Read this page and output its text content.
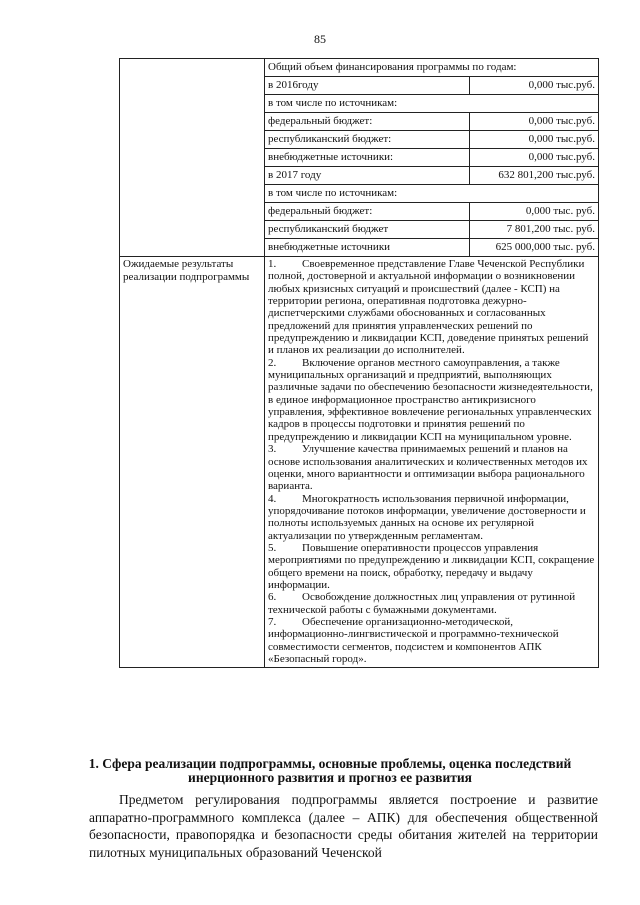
85

Общий объем финансирования программы по годам:
в 2016году	0,000 тыс.руб.
в том числе по источникам:
федеральный бюджет:	0,000 тыс.руб.
республиканский бюджет:	0,000 тыс.руб.
внебюджетные источники:	0,000 тыс.руб.
в 2017 году	632 801,200 тыс.руб.
в том числе по источникам:
федеральный бюджет:	0,000 тыс. руб.
республиканский бюджет	7 801,200 тыс. руб.
внебюджетные источники	625 000,000 тыс. руб.

Ожидаемые результаты реализации подпрограммы

1. Своевременное представление Главе Чеченской Республики полной, достоверной и актуальной информации о возникновении любых кризисных ситуаций и происшествий (далее - КСП) на территории региона, оперативная подготовка дежурно-диспетчерскими службами обоснованных и согласованных предложений для принятия управленческих решений по предупреждению и ликвидации КСП, доведение принятых решений и планов их реализации до исполнителей.

2. Включение органов местного самоуправления, а также муниципальных организаций и предприятий, выполняющих различные задачи по обеспечению безопасности жизнедеятельности, в единое информационное пространство антикризисного управления, эффективное вовлечение региональных управленческих кадров в процессы подготовки и принятия решений по предупреждению и ликвидации КСП на муниципальном уровне.

3. Улучшение качества принимаемых решений и планов на основе использования аналитических и количественных методов их оценки, много вариантности и оптимизации выбора рационального варианта.

4. Многократность использования первичной информации, упорядочивание потоков информации, увеличение достоверности и полноты используемых данных на основе их регулярной актуализации по утвержденным регламентам.

5. Повышение оперативности процессов управления мероприятиями по предупреждению и ликвидации КСП, сокращение общего времени на поиск, обработку, передачу и выдачу информации.

6. Освобождение должностных лиц управления от рутинной технической работы с бумажными документами.

7. Обеспечение организационно-методической, информационно-лингвистической и программно-технической совместимости сегментов, подсистем и компонентов АПК «Безопасный город».

1. Сфера реализации подпрограммы, основные проблемы, оценка последствий инерционного развития и прогноз ее развития

Предметом регулирования подпрограммы является построение и развитие аппаратно-программного комплекса (далее – АПК) для обеспечения общественной безопасности, правопорядка и безопасности среды обитания жителей на территории пилотных муниципальных образований Чеченской
